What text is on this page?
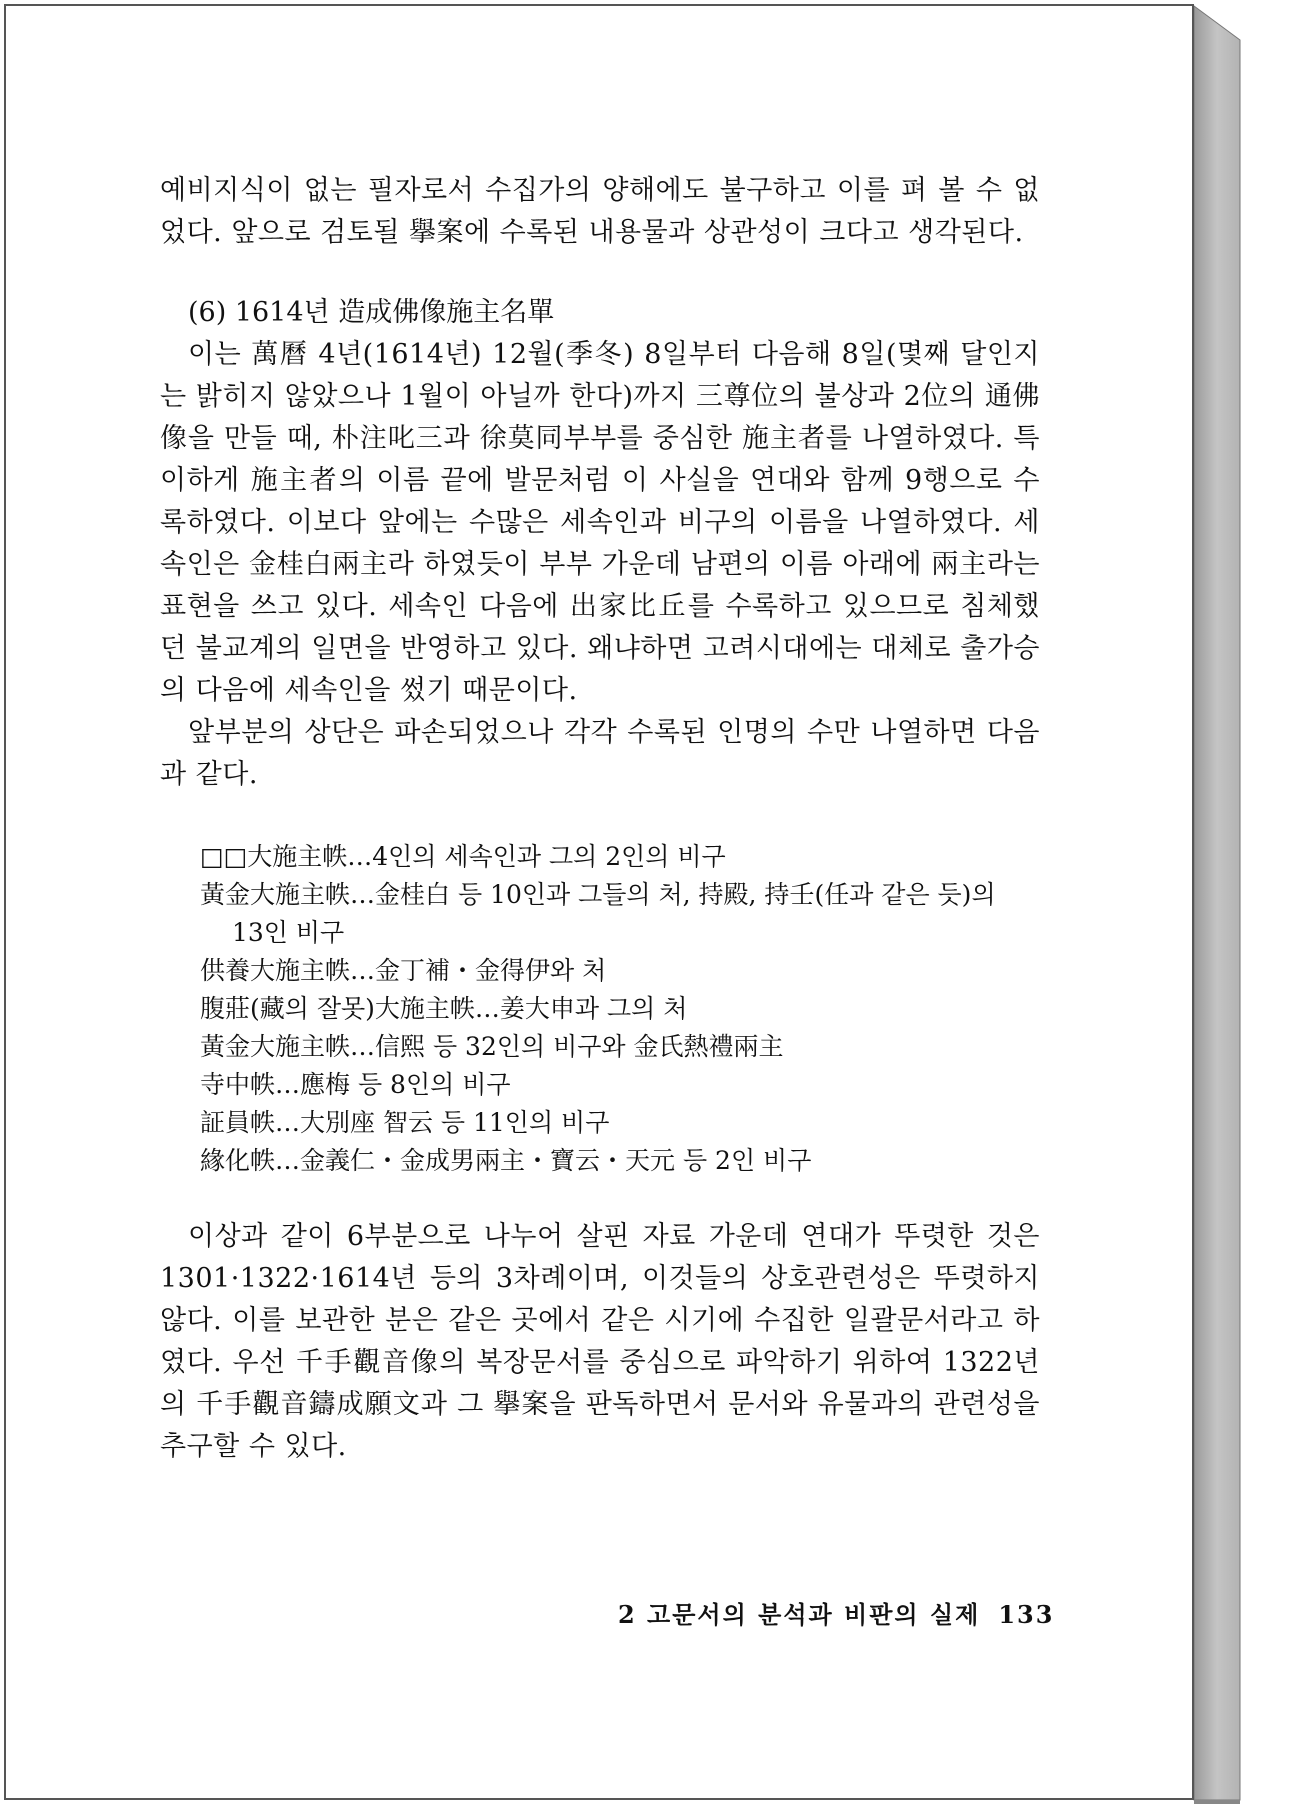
예비지식이 없는 필자로서 수집가의 양해에도 불구하고 이를 펴 볼 수 없었다. 앞으로 검토될 擧案에 수록된 내용물과 상관성이 크다고 생각된다.

(6) 1614년 造成佛像施主名單

이는 萬曆 4년(1614년) 12월(季冬) 8일부터 다음해 8일(몇째 달인지는 밝히지 않았으나 1월이 아닐까 한다)까지 三尊位의 불상과 2位의 通佛像을 만들 때, 朴注叱三과 徐莫同부부를 중심한 施主者를 나열하였다. 특이하게 施主者의 이름 끝에 발문처럼 이 사실을 연대와 함께 9행으로 수록하였다. 이보다 앞에는 수많은 세속인과 비구의 이름을 나열하였다. 세속인은 金桂白兩主라 하였듯이 부부 가운데 남편의 이름 아래에 兩主라는 표현을 쓰고 있다. 세속인 다음에 出家比丘를 수록하고 있으므로 침체했던 불교계의 일면을 반영하고 있다. 왜냐하면 고려시대에는 대체로 출가승의 다음에 세속인을 썼기 때문이다.

앞부분의 상단은 파손되었으나 각각 수록된 인명의 수만 나열하면 다음과 같다.

□□大施主帙…4인의 세속인과 그의 2인의 비구
黃金大施主帙…金桂白 등 10인과 그들의 처, 持殿, 持壬(任과 같은 듯)의
13인 비구
供養大施主帙…金丁補・金得伊와 처
腹莊(藏의 잘못)大施主帙…姜大申과 그의 처
黃金大施主帙…信熙 등 32인의 비구와 金氏熱禮兩主
寺中帙…應梅 등 8인의 비구
証員帙…大別座 智云 등 11인의 비구
緣化帙…金義仁・金成男兩主・寶云・天元 등 2인 비구

이상과 같이 6부분으로 나누어 살핀 자료 가운데 연대가 뚜렷한 것은 1301·1322·1614년 등의 3차례이며, 이것들의 상호관련성은 뚜렷하지 않다. 이를 보관한 분은 같은 곳에서 같은 시기에 수집한 일괄문서라고 하였다. 우선 千手觀音像의 복장문서를 중심으로 파악하기 위하여 1322년의 千手觀音鑄成願文과 그 擧案을 판독하면서 문서와 유물과의 관련성을 추구할 수 있다.

2 고문서의 분석과 비판의 실제 133
